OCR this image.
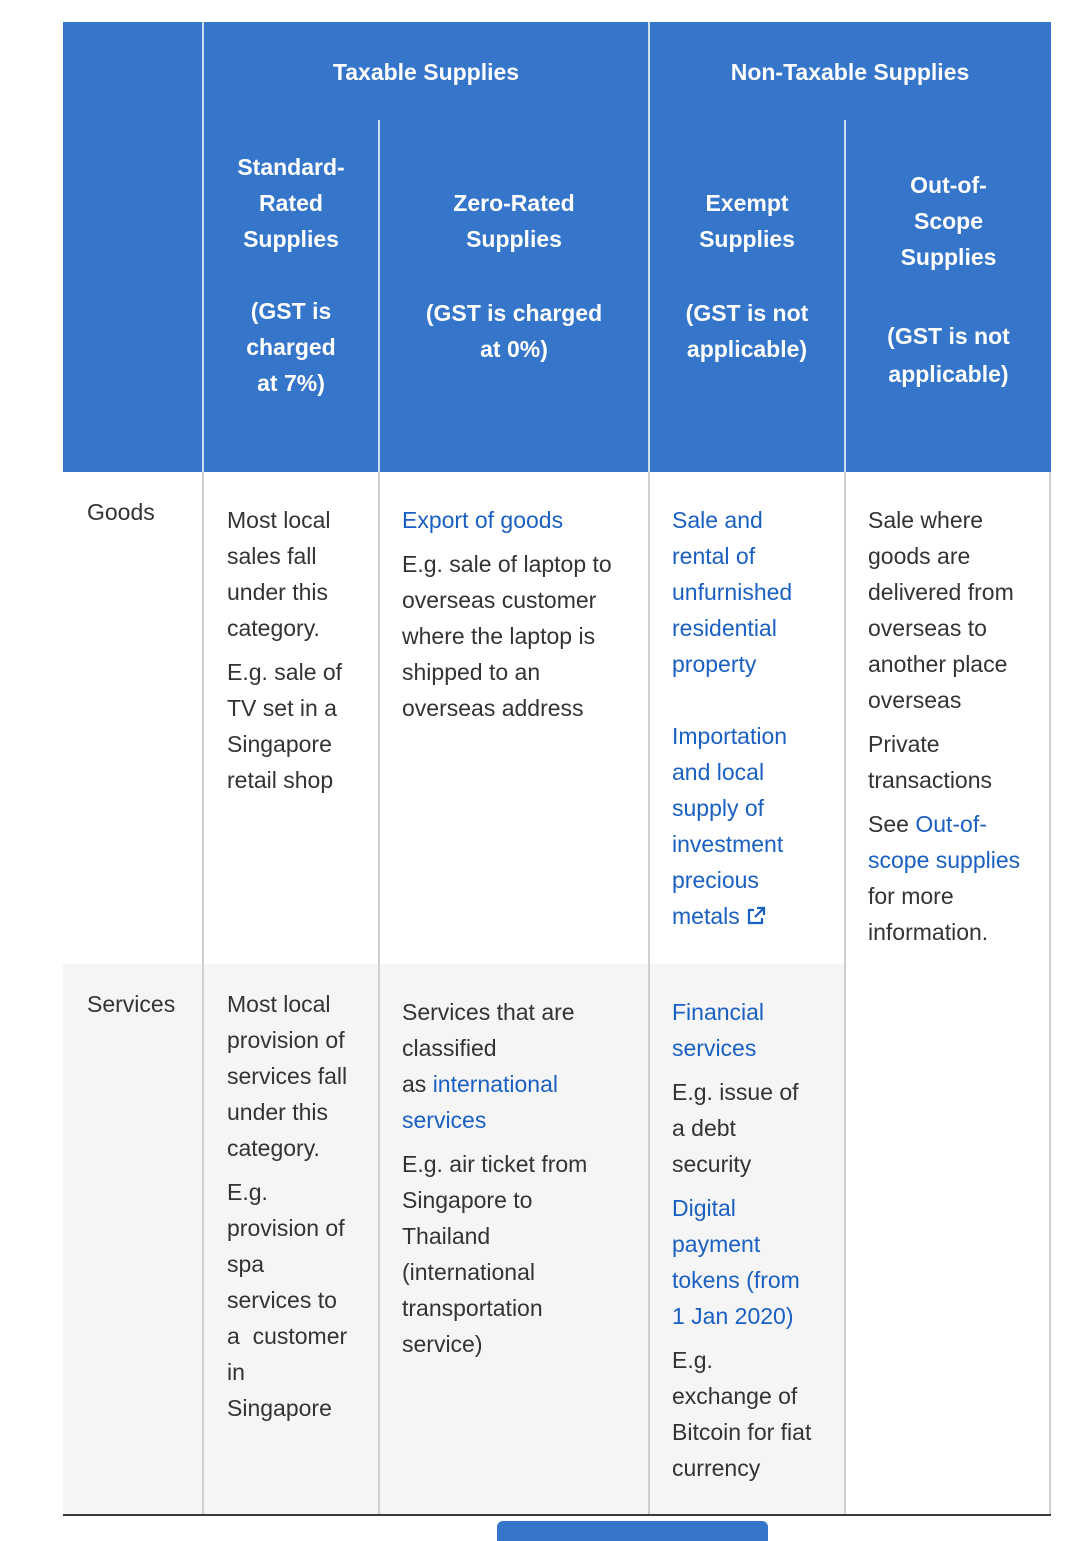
Taxable Supplies	Non-Taxable Supplies
Standard-
Rated
Supplies
(GST is
charged
at 7%)
Zero-Rated
Supplies
(GST is charged
at 0%)
Exempt
Supplies
(GST is not
applicable)
Out-of-
Scope
Supplies
(GST is not
applicable)
Goods	Most local
sales fall
under this
category.

E.g. sale of
TV set in a
Singapore
retail shop

Export of goods

E.g. sale of laptop to
overseas customer
where the laptop is
shipped to an
overseas address

Sale and
rental of
unfurnished
residential
property

Importation
and local
supply of
investment
precious
metals

Sale where
goods are
delivered from
overseas to
another place
overseas

Private
transactions

See Out-of-
scope supplies
for more
information.

Services Most local
provision of
services fall
under this
category.

E.g.
provision of
spa
services to
a  customer
in
Singapore

Services that are
classified
as international
services

E.g. air ticket from
Singapore to
Thailand
(international
transportation
service)

Financial
services

E.g. issue of
a debt
security

Digital
payment
tokens (from
1 Jan 2020)

E.g.
exchange of
Bitcoin for fiat
currency
